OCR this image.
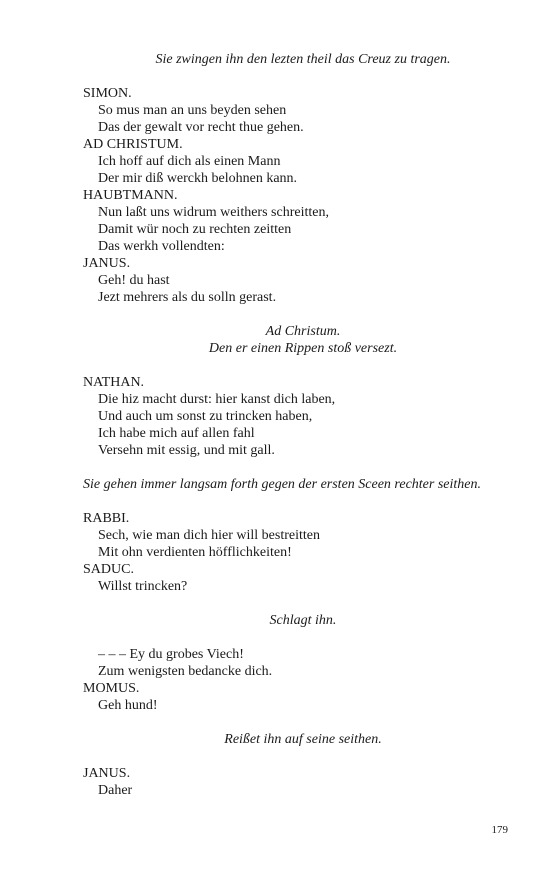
Sie zwingen ihn den lezten theil das Creuz zu tragen.
SIMON.
So mus man an uns beyden sehen
Das der gewalt vor recht thue gehen.
AD CHRISTUM.
Ich hoff auf dich als einen Mann
Der mir diß werckh belohnen kann.
HAUBTMANN.
Nun laßt uns widrum weithers schreitten,
Damit wür noch zu rechten zeitten
Das werkh vollendten:
JANUS.
Geh! du hast
Jezt mehrers als du solln gerast.
Ad Christum.
Den er einen Rippen stoß versezt.
NATHAN.
Die hiz macht durst: hier kanst dich laben,
Und auch um sonst zu trincken haben,
Ich habe mich auf allen fahl
Versehn mit essig, und mit gall.
Sie gehen immer langsam forth gegen der ersten Sceen rechter seithen.
RABBI.
Sech, wie man dich hier will bestreitten
Mit ohn verdienten höfflichkeiten!
SADUC.
Willst trincken?
Schlagt ihn.
– – – Ey du grobes Viech!
Zum wenigsten bedancke dich.
MOMUS.
Geh hund!
Reißet ihn auf seine seithen.
JANUS.
Daher
179
